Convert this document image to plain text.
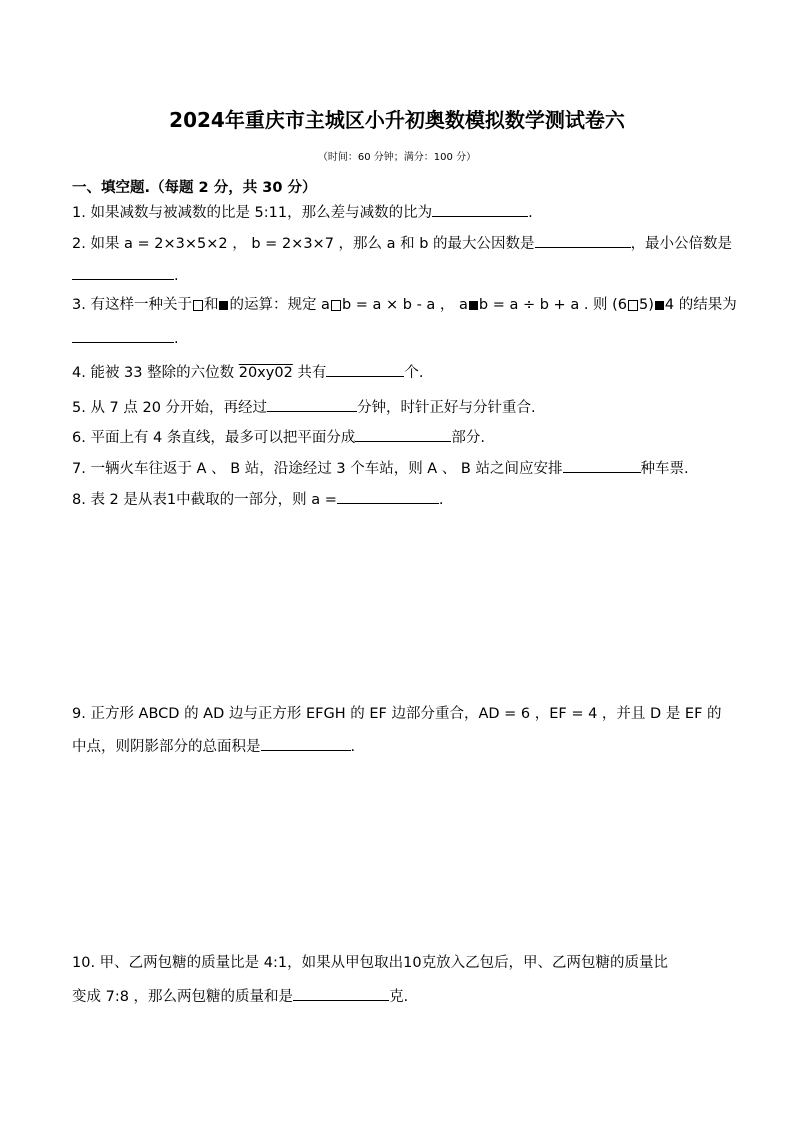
2024年重庆市主城区小升初奥数模拟数学测试卷六
（时间：60 分钟；满分：100 分）
一、填空题.（每题 2 分，共 30 分）
1. 如果减数与被减数的比是 5:11，那么差与减数的比为	.
2. 如果 a = 2×3×5×2 ， b = 2×3×7 ，那么 a 和 b 的最大公因数是	，最小公倍数是
.
3. 有这样一种关于 和 的运算：规定 a b = a × b - a ， a b = a ÷ b + a . 则 (6 5) 4 的结果为
.
4. 能被 33 整除的六位数 20xy02 共有	个.
5. 从 7 点 20 分开始，再经过	分钟，时针正好与分针重合.
6. 平面上有 4 条直线，最多可以把平面分成	部分.
7. 一辆火车往返于 A 、 B 站，沿途经过 3 个车站，则 A 、 B 站之间应安排	种车票.
8. 表 2 是从表1中截取的一部分，则 a =	.
9. 正方形 ABCD 的 AD 边与正方形 EFGH 的 EF 边部分重合，AD = 6 ，EF = 4 ，并且 D 是 EF 的
中点，则阴影部分的总面积是	.
10. 甲、乙两包糖的质量比是 4:1，如果从甲包取出10克放入乙包后，甲、乙两包糖的质量比
变成 7:8 ，那么两包糖的质量和是	克.
